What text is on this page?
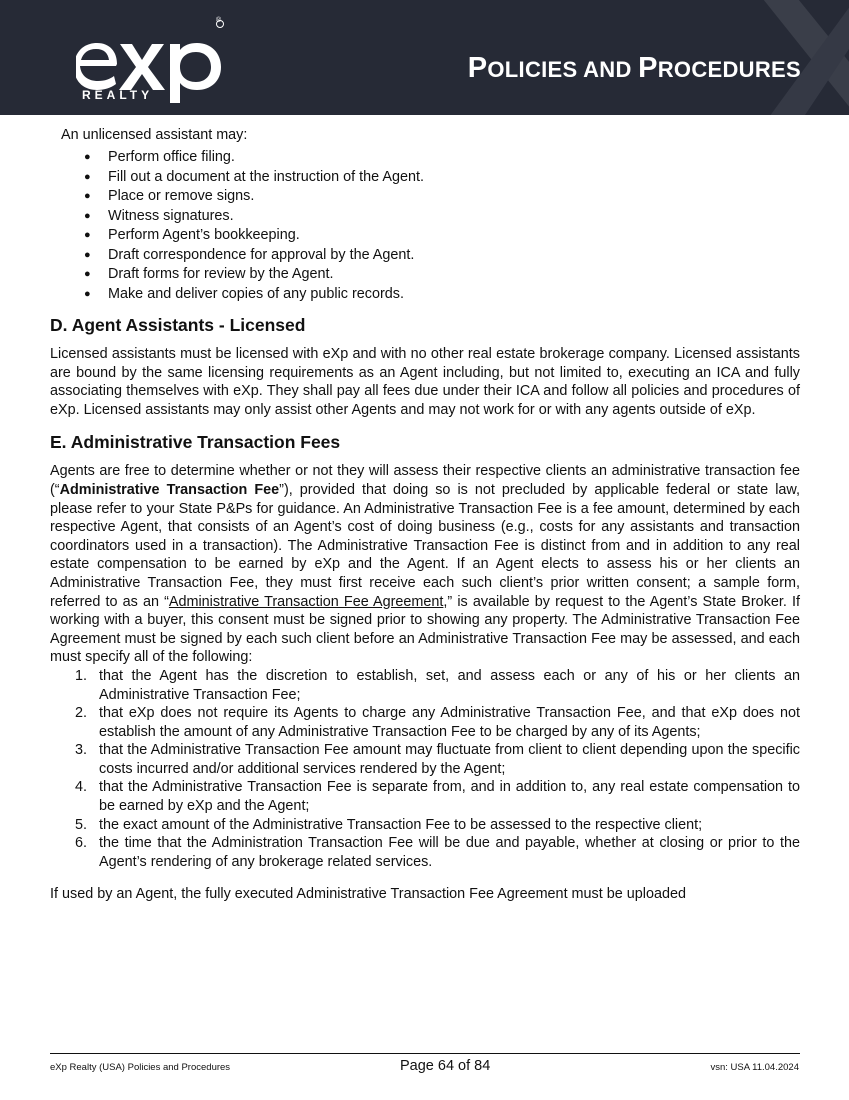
®
REALTY
POLICIES AND PROCEDURES

An unlicensed assistant may:

● Perform office filing.
● Fill out a document at the instruction of the Agent.
● Place or remove signs.
● Witness signatures.
● Perform Agent’s bookkeeping.
● Draft correspondence for approval by the Agent.
● Draft forms for review by the Agent.
● Make and deliver copies of any public records.
D. Agent Assistants - Licensed

Licensed assistants must be licensed with eXp and with no other real estate brokerage company. Licensed assistants are bound by the same licensing requirements as an Agent including, but not limited to, executing an ICA and fully associating themselves with eXp. They shall pay all fees due under their ICA and follow all policies and procedures of eXp. Licensed assistants may only assist other Agents and may not work for or with any agents outside of eXp.

E. Administrative Transaction Fees

Agents are free to determine whether or not they will assess their respective clients an administrative transaction fee (“Administrative Transaction Fee”), provided that doing so is not precluded by applicable federal or state law, please refer to your State P&Ps for guidance. An Administrative Transaction Fee is a fee amount, determined by each respective Agent, that consists of an Agent’s cost of doing business (e.g., costs for any assistants and transaction coordinators used in a transaction). The Administrative Transaction Fee is distinct from and in addition to any real estate compensation to be earned by eXp and the Agent. If an Agent elects to assess his or her clients an Administrative Transaction Fee, they must first receive each such client’s prior written consent; a sample form, referred to as an “Administrative Transaction Fee Agreement,” is available by request to the Agent’s State Broker. If working with a buyer, this consent must be signed prior to showing any property. The Administrative Transaction Fee Agreement must be signed by each such client before an Administrative Transaction Fee may be assessed, and each must specify all of the following:

1. that the Agent has the discretion to establish, set, and assess each or any of his or her clients an Administrative Transaction Fee;
2. that eXp does not require its Agents to charge any Administrative Transaction Fee, and that eXp does not establish the amount of any Administrative Transaction Fee to be charged by any of its Agents;
3. that the Administrative Transaction Fee amount may fluctuate from client to client depending upon the specific costs incurred and/or additional services rendered by the Agent;
4. that the Administrative Transaction Fee is separate from, and in addition to, any real estate compensation to be earned by eXp and the Agent;
5. the exact amount of the Administrative Transaction Fee to be assessed to the respective client;
6. the time that the Administration Transaction Fee will be due and payable, whether at closing or prior to the Agent’s rendering of any brokerage related services.

If used by an Agent, the fully executed Administrative Transaction Fee Agreement must be uploaded

eXp Realty (USA) Policies and Procedures	Page 64 of 84	vsn: USA 11.04.2024
